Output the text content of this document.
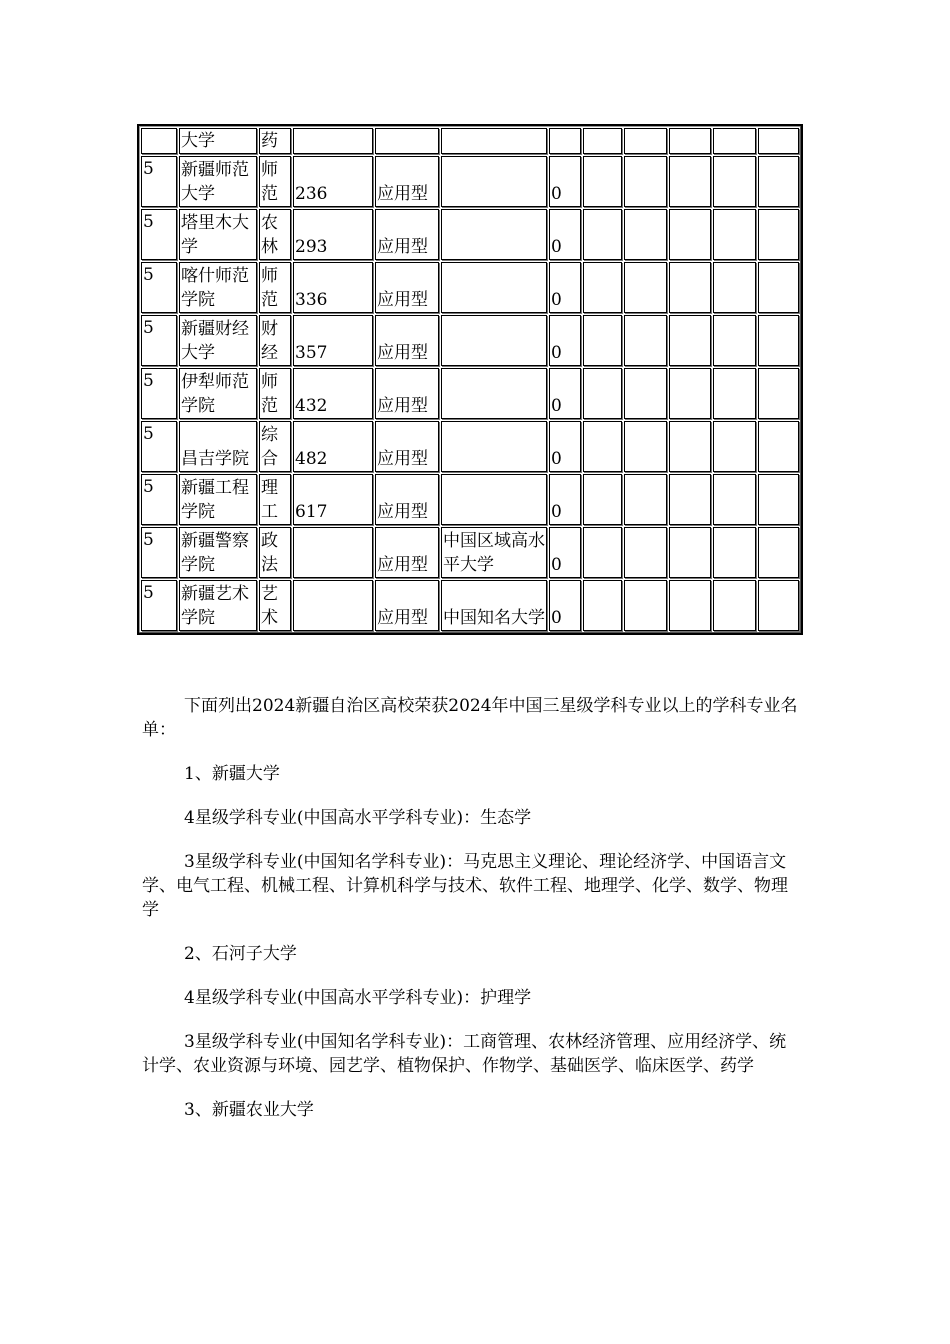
	大学	药									
5	新疆师范大学	师范	236	应用型		0					
5	塔里木大学	农林	293	应用型		0					
5	喀什师范学院	师范	336	应用型		0					
5	新疆财经大学	财经	357	应用型		0					
5	伊犁师范学院	师范	432	应用型		0					
5	昌吉学院	综合	482	应用型		0					
5	新疆工程学院	理工	617	应用型		0					
5	新疆警察学院	政法		应用型	中国区域高水平大学	0					
5	新疆艺术学院	艺术		应用型	中国知名大学	0					

下面列出2024新疆自治区高校荣获2024年中国三星级学科专业以上的学科专业名单：

1、新疆大学

4星级学科专业(中国高水平学科专业)：生态学

3星级学科专业(中国知名学科专业)：马克思主义理论、理论经济学、中国语言文学、电气工程、机械工程、计算机科学与技术、软件工程、地理学、化学、数学、物理学

2、石河子大学

4星级学科专业(中国高水平学科专业)：护理学

3星级学科专业(中国知名学科专业)：工商管理、农林经济管理、应用经济学、统计学、农业资源与环境、园艺学、植物保护、作物学、基础医学、临床医学、药学

3、新疆农业大学
